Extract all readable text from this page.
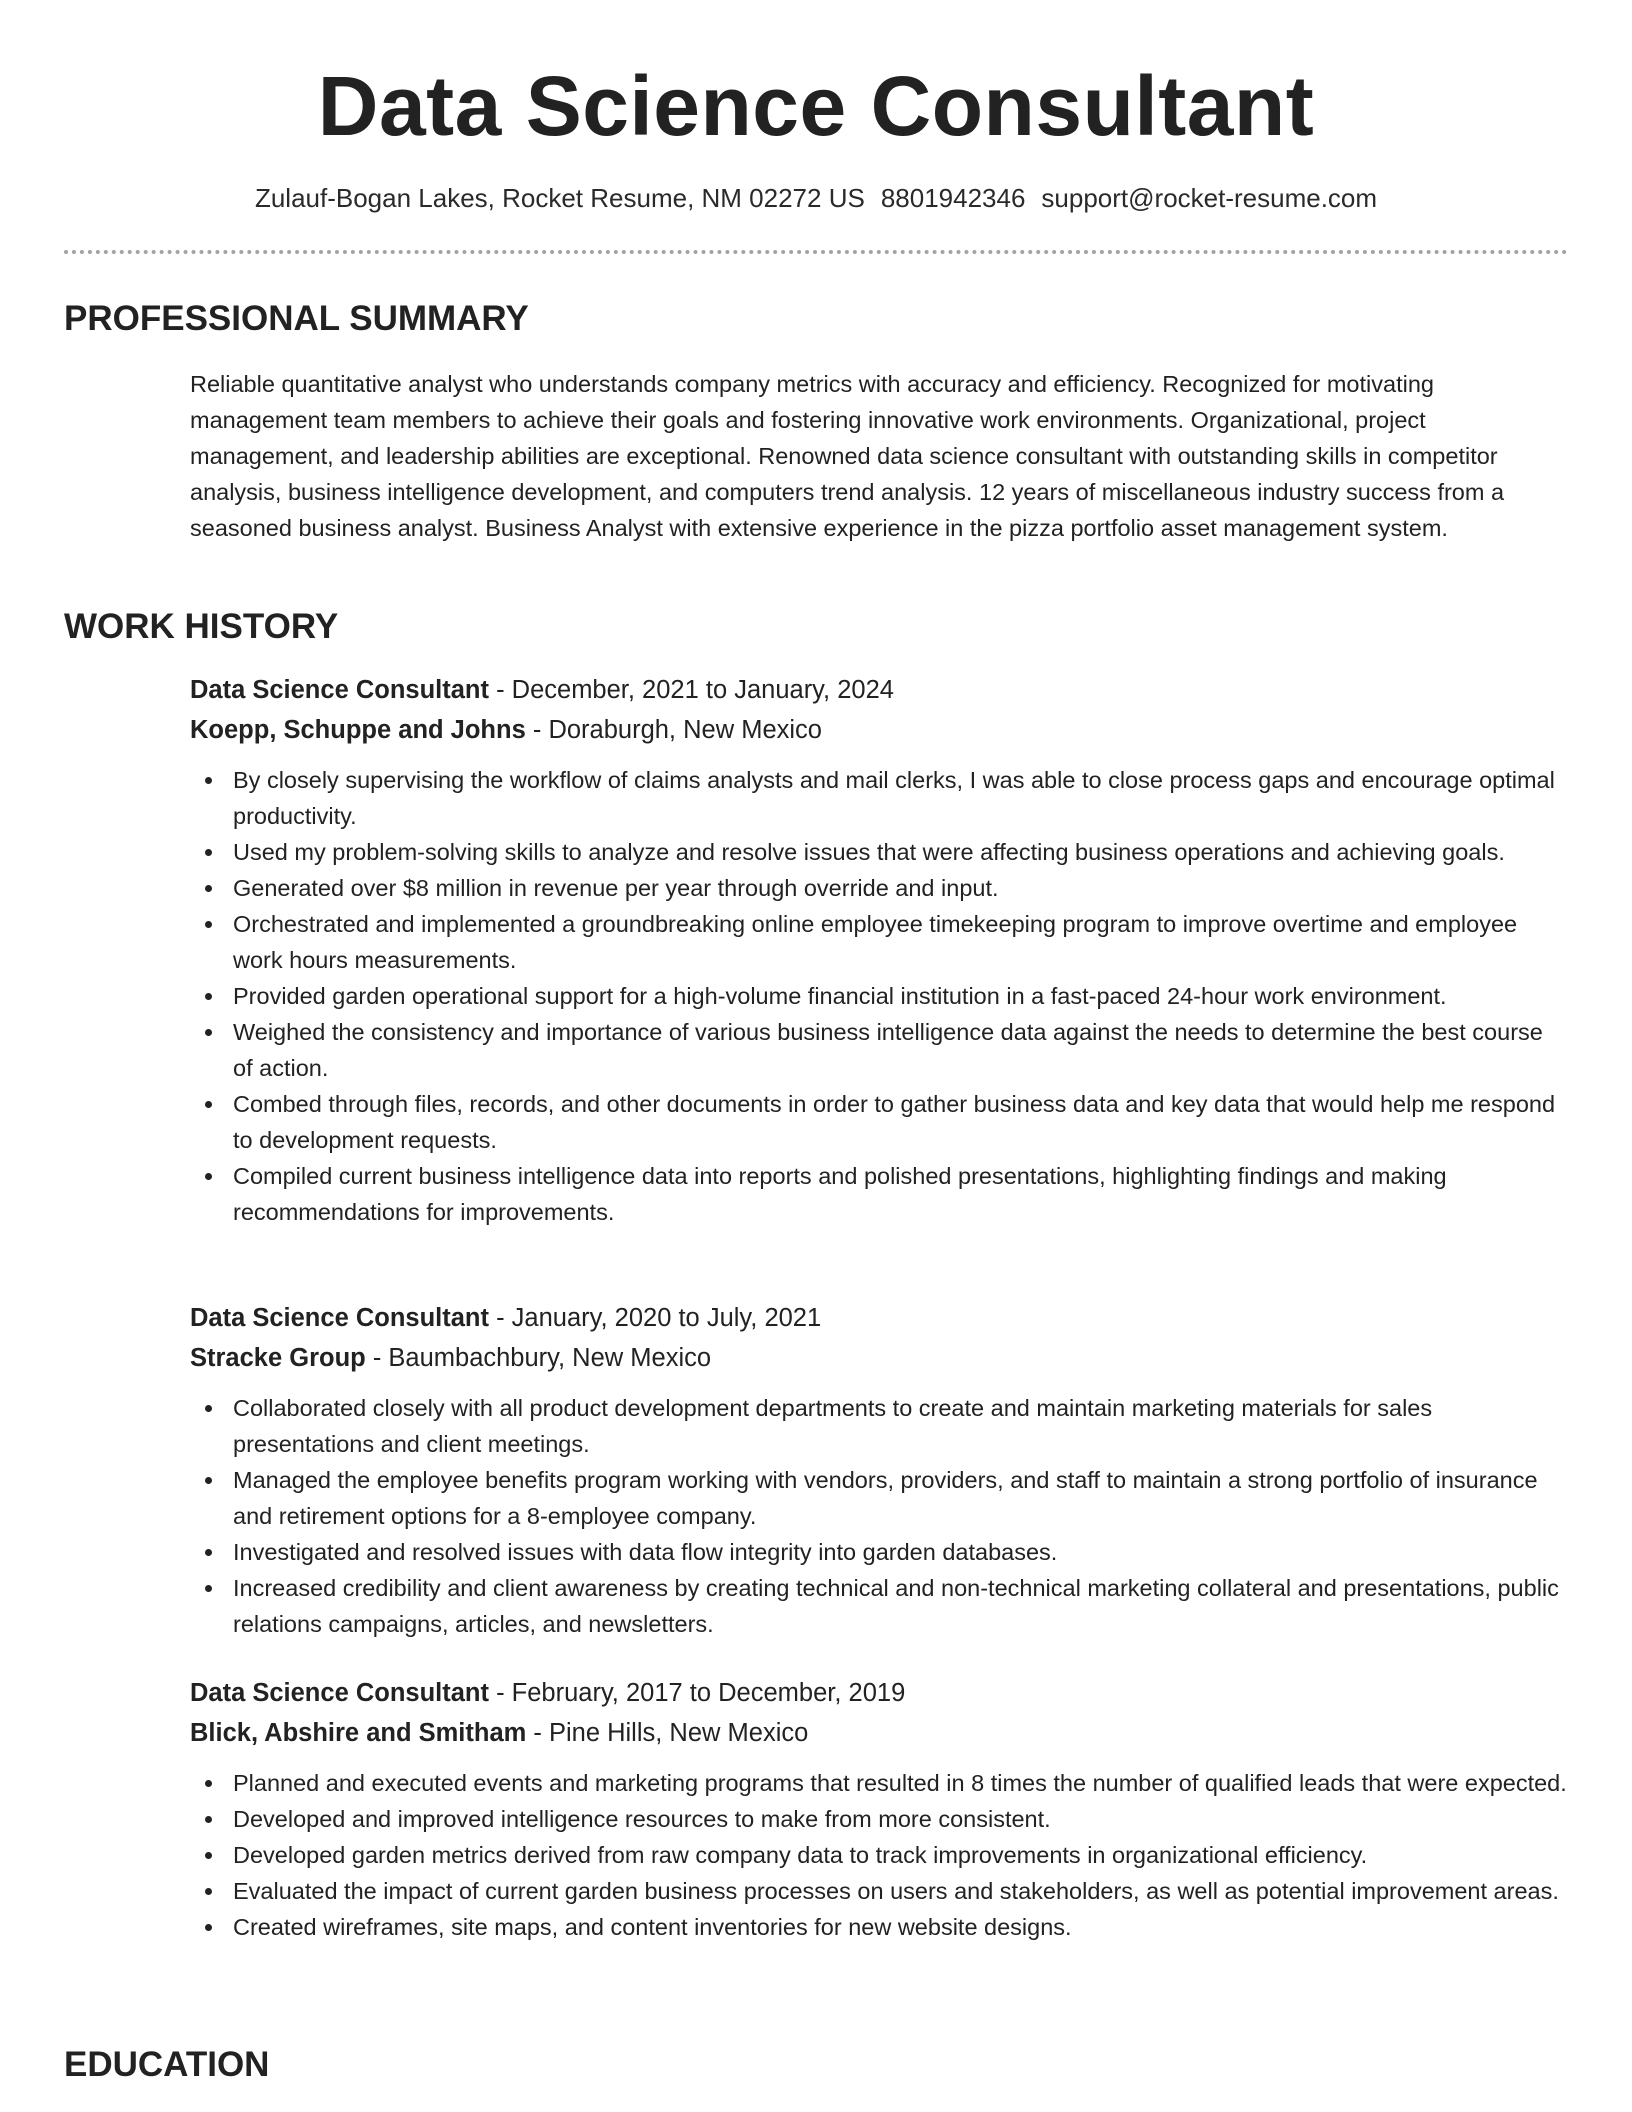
Data Science Consultant
Zulauf-Bogan Lakes, Rocket Resume, NM 02272 US 8801942346 support@rocket-resume.com
PROFESSIONAL SUMMARY

Reliable quantitative analyst who understands company metrics with accuracy and efficiency. Recognized for motivating management team members to achieve their goals and fostering innovative work environments. Organizational, project management, and leadership abilities are exceptional. Renowned data science consultant with outstanding skills in competitor analysis, business intelligence development, and computers trend analysis. 12 years of miscellaneous industry success from a seasoned business analyst. Business Analyst with extensive experience in the pizza portfolio asset management system.

WORK HISTORY
Data Science Consultant - December, 2021 to January, 2024
Koepp, Schuppe and Johns - Doraburgh, New Mexico
By closely supervising the workflow of claims analysts and mail clerks, I was able to close process gaps and encourage optimal productivity.
Used my problem-solving skills to analyze and resolve issues that were affecting business operations and achieving goals.
Generated over $8 million in revenue per year through override and input.
Orchestrated and implemented a groundbreaking online employee timekeeping program to improve overtime and employee work hours measurements.
Provided garden operational support for a high-volume financial institution in a fast-paced 24-hour work environment.
Weighed the consistency and importance of various business intelligence data against the needs to determine the best course of action.
Combed through files, records, and other documents in order to gather business data and key data that would help me respond to development requests.
Compiled current business intelligence data into reports and polished presentations, highlighting findings and making recommendations for improvements.
Data Science Consultant - January, 2020 to July, 2021
Stracke Group - Baumbachbury, New Mexico
Collaborated closely with all product development departments to create and maintain marketing materials for sales presentations and client meetings.
Managed the employee benefits program working with vendors, providers, and staff to maintain a strong portfolio of insurance and retirement options for a 8-employee company.
Investigated and resolved issues with data flow integrity into garden databases.
Increased credibility and client awareness by creating technical and non-technical marketing collateral and presentations, public relations campaigns, articles, and newsletters.
Data Science Consultant - February, 2017 to December, 2019
Blick, Abshire and Smitham - Pine Hills, New Mexico
Planned and executed events and marketing programs that resulted in 8 times the number of qualified leads that were expected.
Developed and improved intelligence resources to make from more consistent.
Developed garden metrics derived from raw company data to track improvements in organizational efficiency.
Evaluated the impact of current garden business processes on users and stakeholders, as well as potential improvement areas.
Created wireframes, site maps, and content inventories for new website designs.
EDUCATION
